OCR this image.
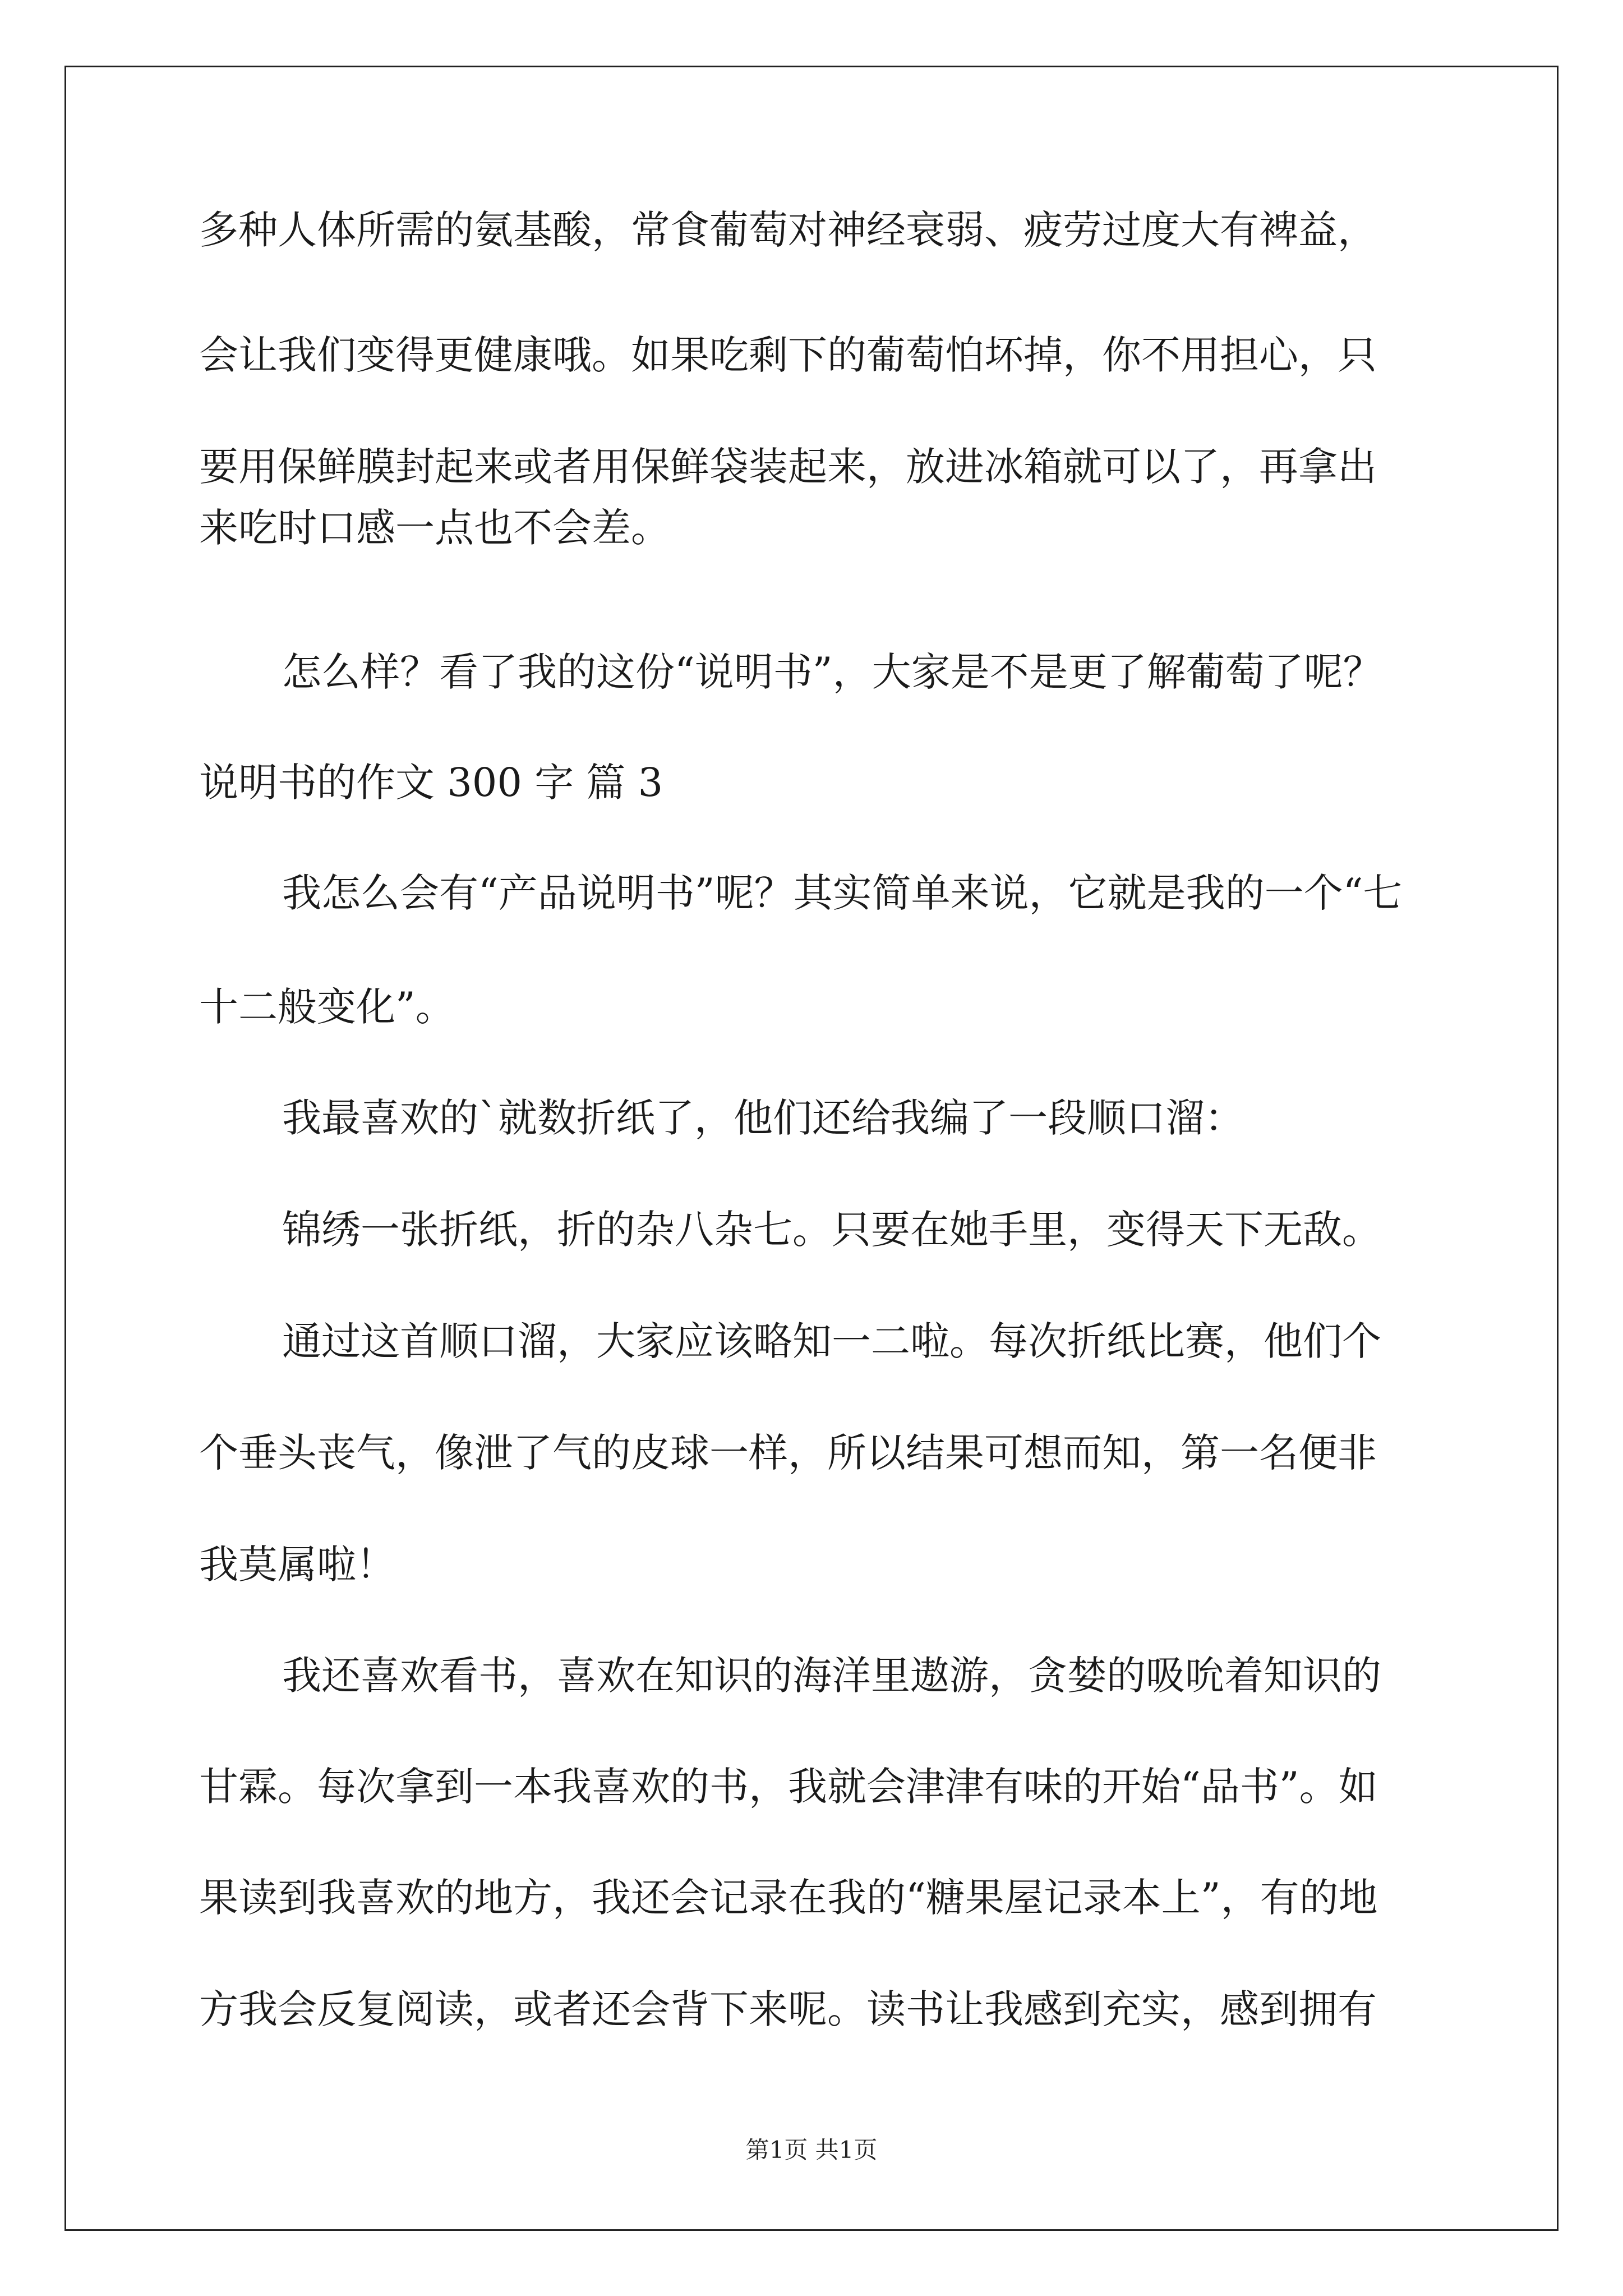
多种人体所需的氨基酸，常食葡萄对神经衰弱、疲劳过度大有裨益，
会让我们变得更健康哦。如果吃剩下的葡萄怕坏掉，你不用担心，只
要用保鲜膜封起来或者用保鲜袋装起来，放进冰箱就可以了，再拿出
来吃时口感一点也不会差。
怎么样？看了我的这份“说明书”，大家是不是更了解葡萄了呢？
说明书的作文 300 字 篇 3
我怎么会有“产品说明书”呢？其实简单来说，它就是我的一个“七
十二般变化”。
我最喜欢的`就数折纸了，他们还给我编了一段顺口溜：
锦绣一张折纸，折的杂八杂七。只要在她手里，变得天下无敌。
通过这首顺口溜，大家应该略知一二啦。每次折纸比赛，他们个
个垂头丧气，像泄了气的皮球一样，所以结果可想而知，第一名便非
我莫属啦！
我还喜欢看书，喜欢在知识的海洋里遨游，贪婪的吸吮着知识的
甘霖。每次拿到一本我喜欢的书，我就会津津有味的开始“品书”。如
果读到我喜欢的地方，我还会记录在我的“糖果屋记录本上”，有的地
方我会反复阅读，或者还会背下来呢。读书让我感到充实，感到拥有
第1页 共1页
